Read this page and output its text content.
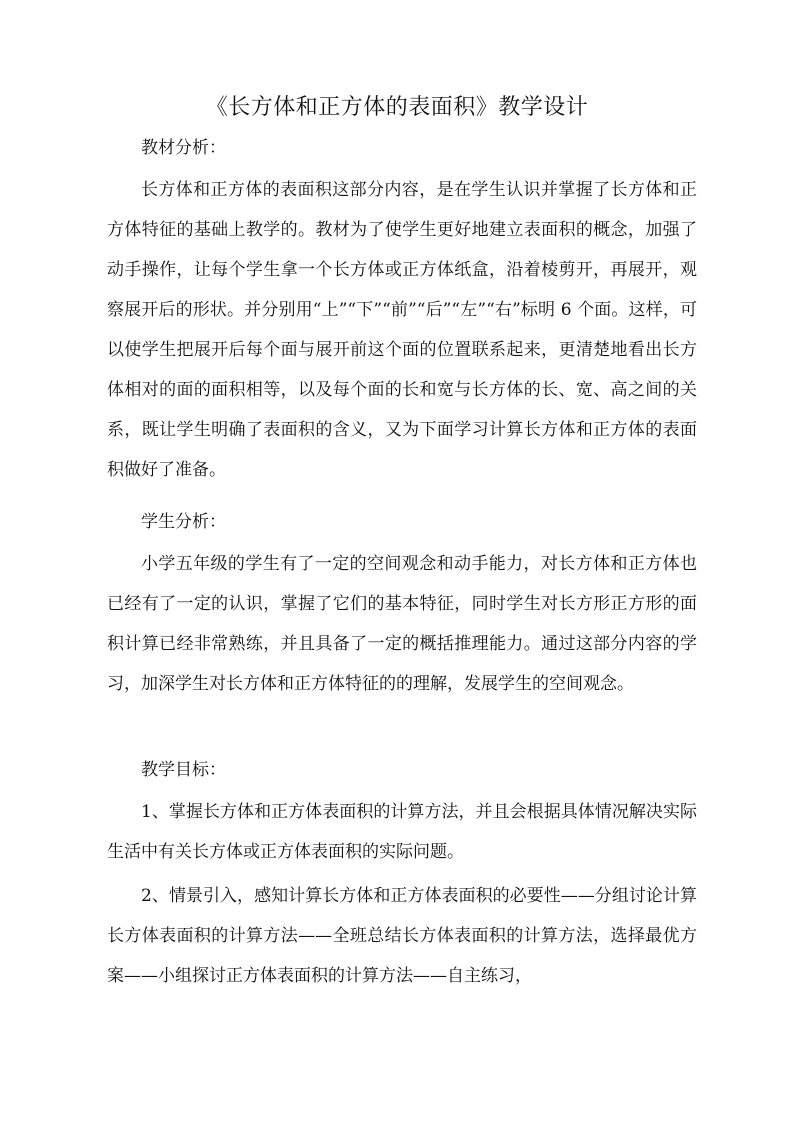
《长方体和正方体的表面积》教学设计

教材分析：

长方体和正方体的表面积这部分内容，是在学生认识并掌握了长方体和正方体特征的基础上教学的。教材为了使学生更好地建立表面积的概念，加强了动手操作，让每个学生拿一个长方体或正方体纸盒，沿着棱剪开，再展开，观察展开后的形状。并分别用“上”“下”“前”“后”“左”“右”标明 6 个面。这样，可以使学生把展开后每个面与展开前这个面的位置联系起来，更清楚地看出长方体相对的面的面积相等，以及每个面的长和宽与长方体的长、宽、高之间的关系，既让学生明确了表面积的含义，又为下面学习计算长方体和正方体的表面积做好了准备。

学生分析：

小学五年级的学生有了一定的空间观念和动手能力，对长方体和正方体也已经有了一定的认识，掌握了它们的基本特征，同时学生对长方形正方形的面积计算已经非常熟练，并且具备了一定的概括推理能力。通过这部分内容的学习，加深学生对长方体和正方体特征的的理解，发展学生的空间观念。

教学目标：

1、掌握长方体和正方体表面积的计算方法，并且会根据具体情况解决实际生活中有关长方体或正方体表面积的实际问题。

2、情景引入，感知计算长方体和正方体表面积的必要性——分组讨论计算长方体表面积的计算方法——全班总结长方体表面积的计算方法，选择最优方案——小组探讨正方体表面积的计算方法——自主练习，
